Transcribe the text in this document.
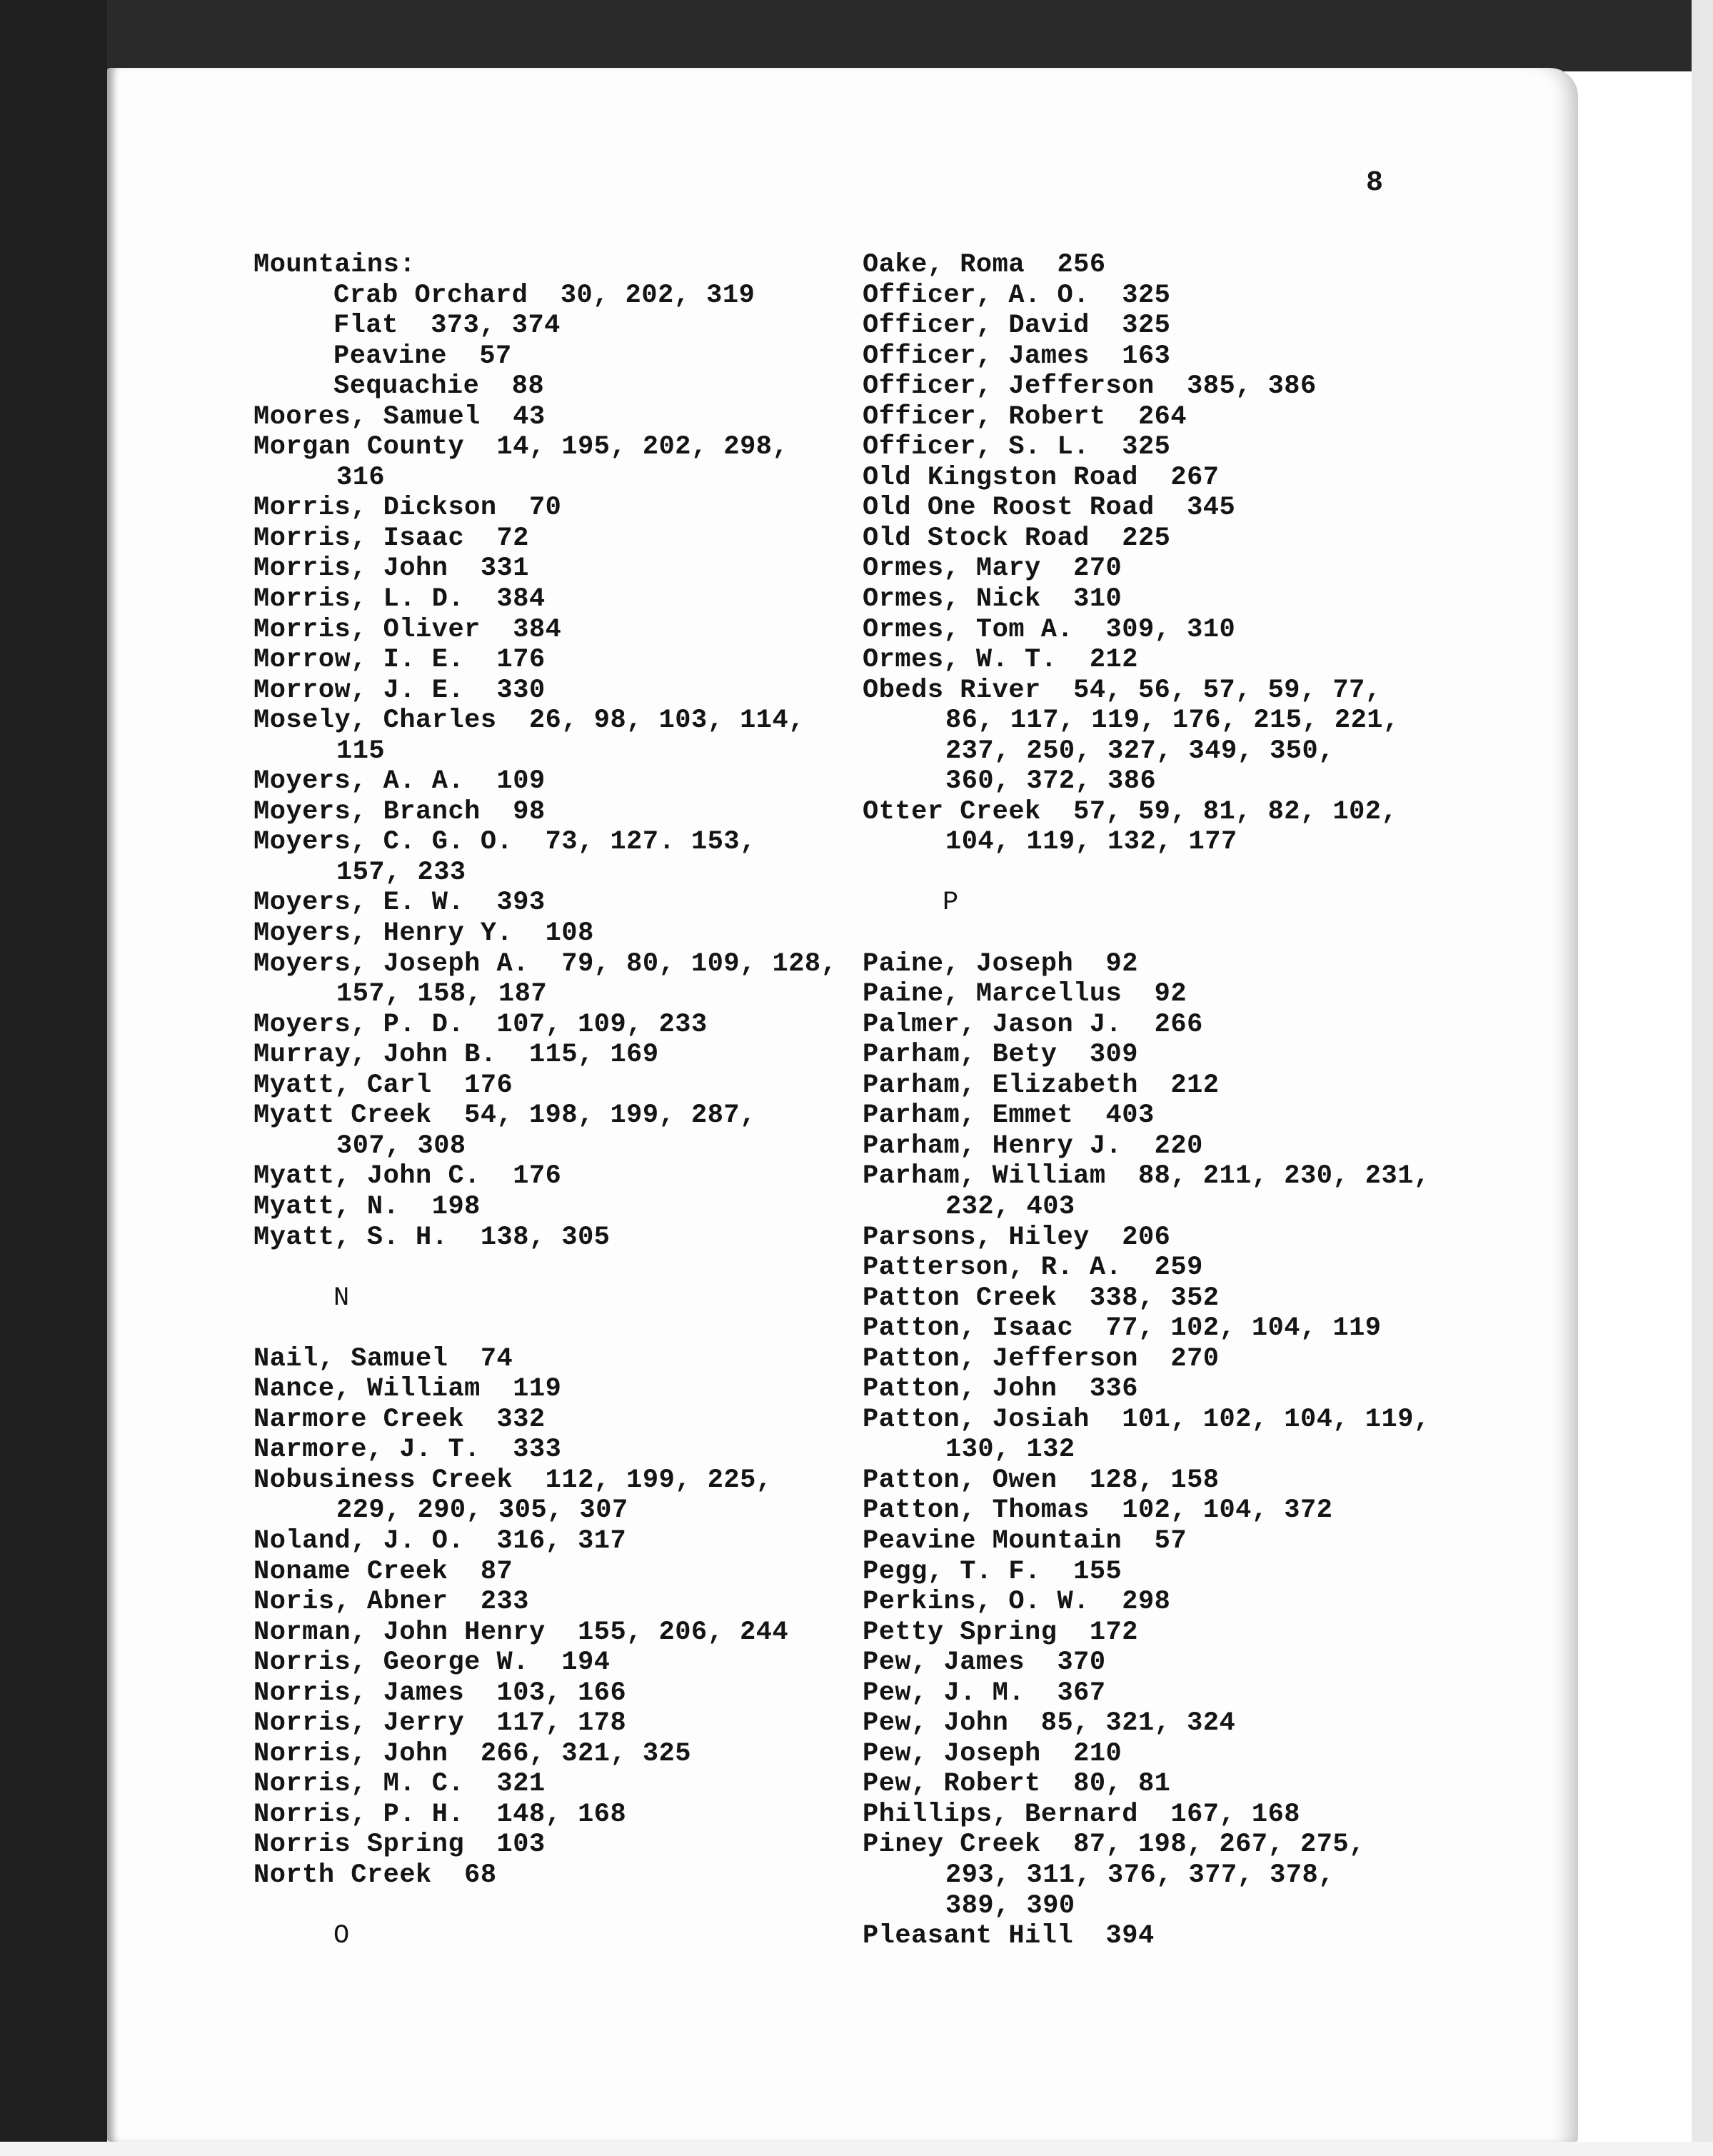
8
Mountains:
Crab Orchard  30, 202, 319
Flat  373, 374
Peavine  57
Sequachie  88
Moores, Samuel  43
Morgan County  14, 195, 202, 298,
316
Morris, Dickson  70
Morris, Isaac  72
Morris, John  331
Morris, L. D.  384
Morris, Oliver  384
Morrow, I. E.  176
Morrow, J. E.  330
Mosely, Charles  26, 98, 103, 114,
115
Moyers, A. A.  109
Moyers, Branch  98
Moyers, C. G. O.  73, 127. 153,
157, 233
Moyers, E. W.  393
Moyers, Henry Y.  108
Moyers, Joseph A.  79, 80, 109, 128,
157, 158, 187
Moyers, P. D.  107, 109, 233
Murray, John B.  115, 169
Myatt, Carl  176
Myatt Creek  54, 198, 199, 287,
307, 308
Myatt, John C.  176
Myatt, N.  198
Myatt, S. H.  138, 305
N
Nail, Samuel  74
Nance, William  119
Narmore Creek  332
Narmore, J. T.  333
Nobusiness Creek  112, 199, 225,
229, 290, 305, 307
Noland, J. O.  316, 317
Noname Creek  87
Noris, Abner  233
Norman, John Henry  155, 206, 244
Norris, George W.  194
Norris, James  103, 166
Norris, Jerry  117, 178
Norris, John  266, 321, 325
Norris, M. C.  321
Norris, P. H.  148, 168
Norris Spring  103
North Creek  68
O
Oake, Roma  256
Officer, A. O.  325
Officer, David  325
Officer, James  163
Officer, Jefferson  385, 386
Officer, Robert  264
Officer, S. L.  325
Old Kingston Road  267
Old One Roost Road  345
Old Stock Road  225
Ormes, Mary  270
Ormes, Nick  310
Ormes, Tom A.  309, 310
Ormes, W. T.  212
Obeds River  54, 56, 57, 59, 77,
86, 117, 119, 176, 215, 221,
237, 250, 327, 349, 350,
360, 372, 386
Otter Creek  57, 59, 81, 82, 102,
104, 119, 132, 177
P
Paine, Joseph  92
Paine, Marcellus  92
Palmer, Jason J.  266
Parham, Bety  309
Parham, Elizabeth  212
Parham, Emmet  403
Parham, Henry J.  220
Parham, William  88, 211, 230, 231,
232, 403
Parsons, Hiley  206
Patterson, R. A.  259
Patton Creek  338, 352
Patton, Isaac  77, 102, 104, 119
Patton, Jefferson  270
Patton, John  336
Patton, Josiah  101, 102, 104, 119,
130, 132
Patton, Owen  128, 158
Patton, Thomas  102, 104, 372
Peavine Mountain  57
Pegg, T. F.  155
Perkins, O. W.  298
Petty Spring  172
Pew, James  370
Pew, J. M.  367
Pew, John  85, 321, 324
Pew, Joseph  210
Pew, Robert  80, 81
Phillips, Bernard  167, 168
Piney Creek  87, 198, 267, 275,
293, 311, 376, 377, 378,
389, 390
Pleasant Hill  394
